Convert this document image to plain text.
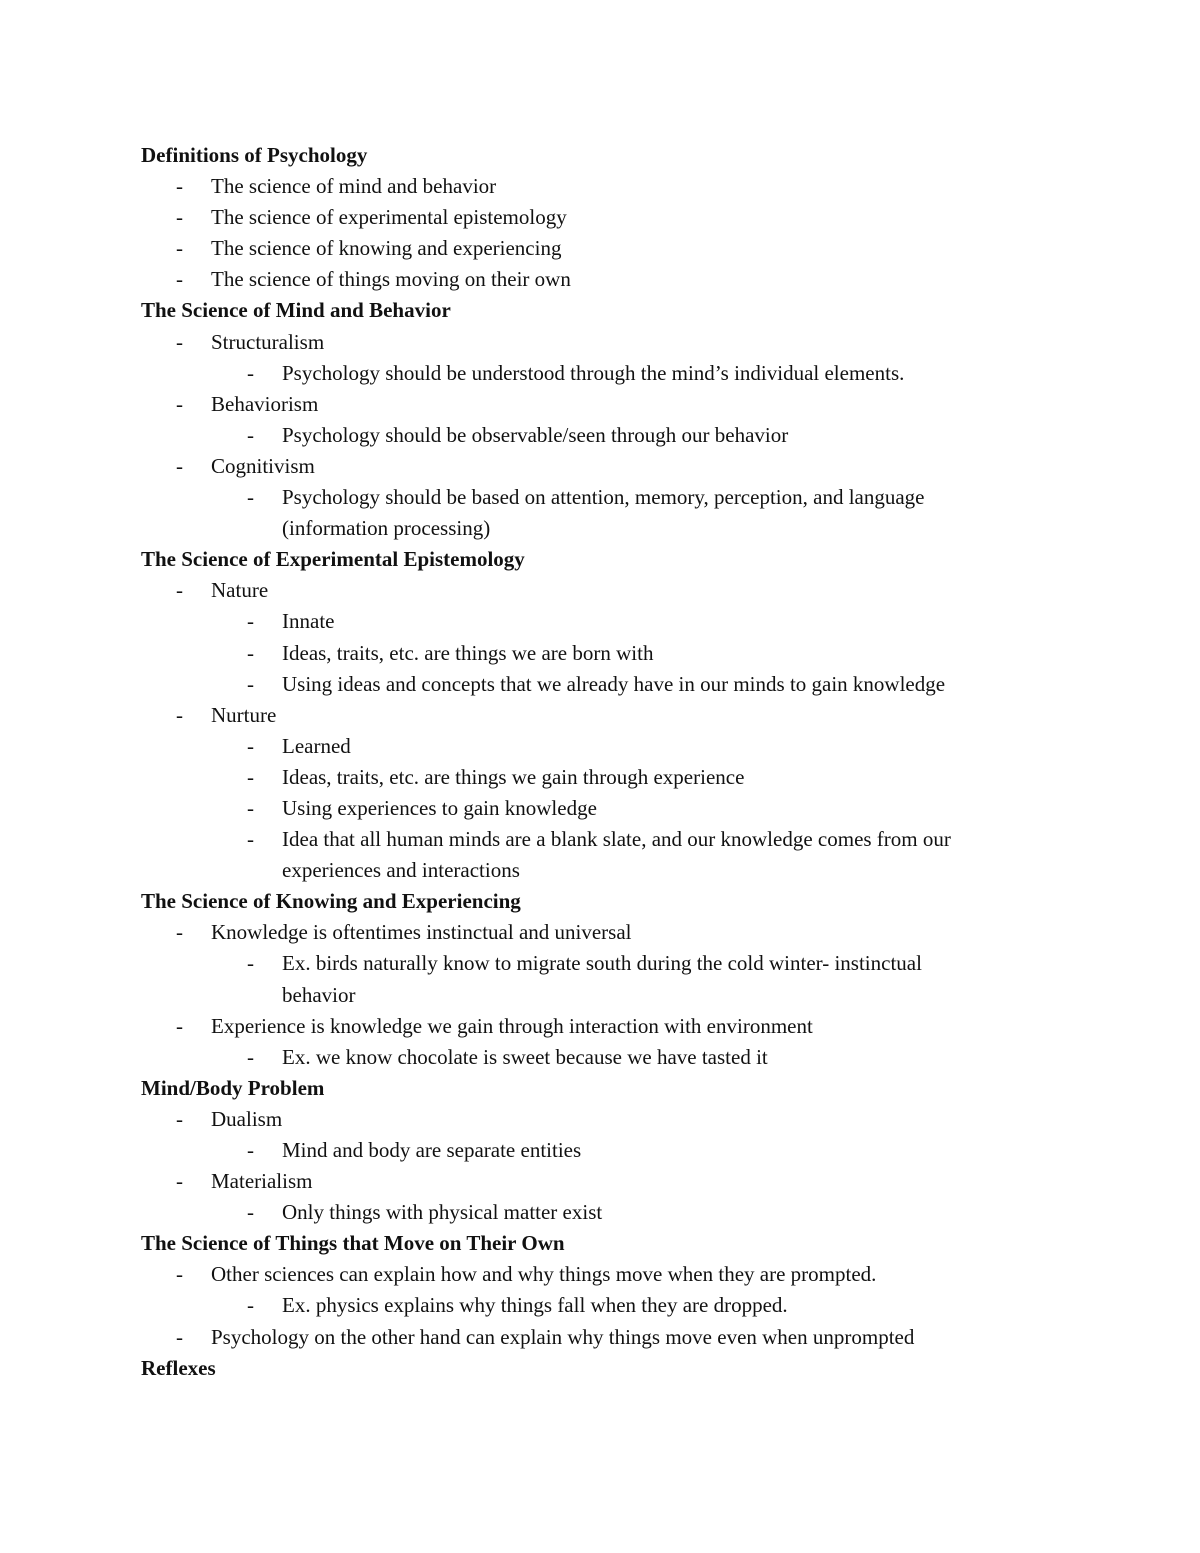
Definitions of Psychology
- The science of mind and behavior
- The science of experimental epistemology
- The science of knowing and experiencing
- The science of things moving on their own
The Science of Mind and Behavior
- Structuralism
- Psychology should be understood through the mind’s individual elements.
- Behaviorism
- Psychology should be observable/seen through our behavior
- Cognitivism
- Psychology should be based on attention, memory, perception, and language
(information processing)
The Science of Experimental Epistemology
- Nature
- Innate
- Ideas, traits, etc. are things we are born with
- Using ideas and concepts that we already have in our minds to gain knowledge
- Nurture
- Learned
- Ideas, traits, etc. are things we gain through experience
- Using experiences to gain knowledge
- Idea that all human minds are a blank slate, and our knowledge comes from our
experiences and interactions
The Science of Knowing and Experiencing
- Knowledge is oftentimes instinctual and universal
- Ex. birds naturally know to migrate south during the cold winter- instinctual
behavior
- Experience is knowledge we gain through interaction with environment
- Ex. we know chocolate is sweet because we have tasted it
Mind/Body Problem
- Dualism
- Mind and body are separate entities
- Materialism
- Only things with physical matter exist
The Science of Things that Move on Their Own
- Other sciences can explain how and why things move when they are prompted.
- Ex. physics explains why things fall when they are dropped.
- Psychology on the other hand can explain why things move even when unprompted
Reflexes
